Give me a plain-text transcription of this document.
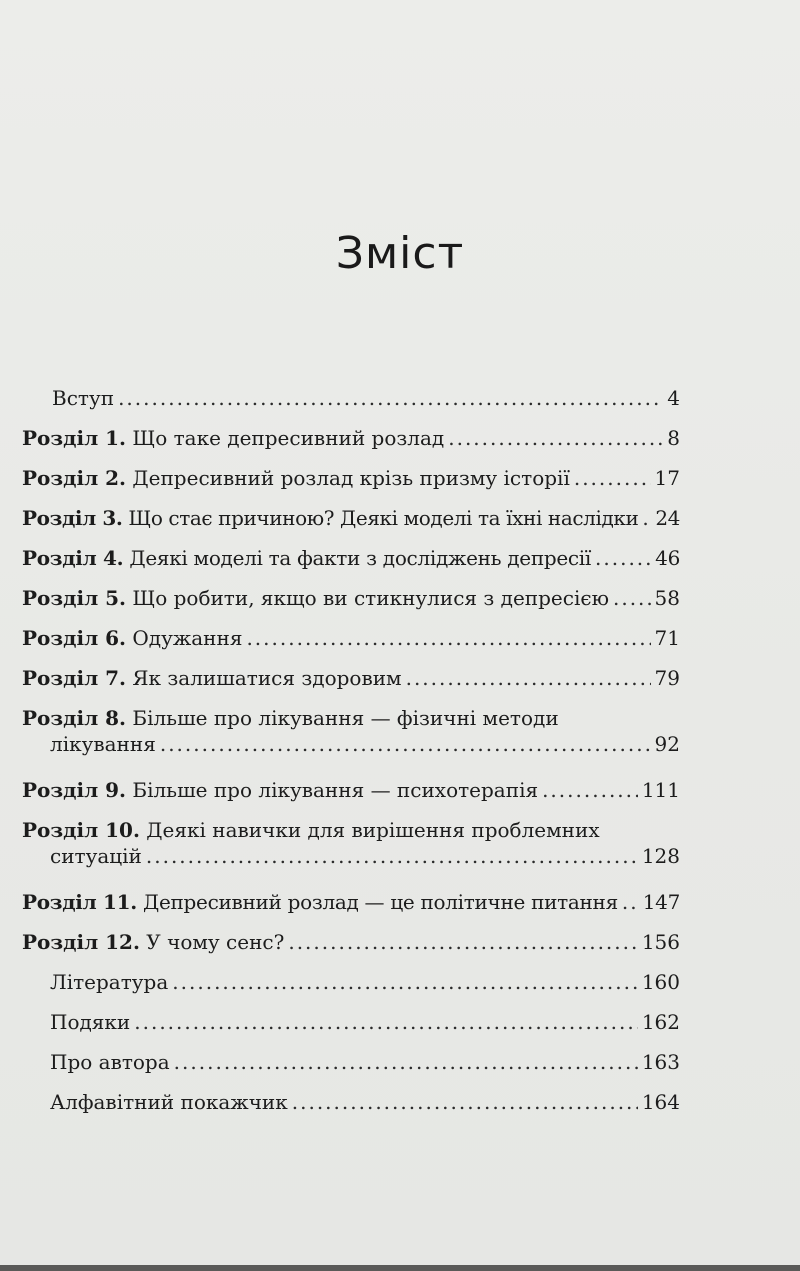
Зміст
Вступ .....	4
Розділ 1. Що таке депресивний розлад .....	8
Розділ 2. Депресивний розлад крізь призму історії .....	17
Розділ 3. Що стає причиною? Деякі моделі та їхні наслідки ..... 24
Розділ 4. Деякі моделі та факти з досліджень депресії .....	46
Розділ 5. Що робити, якщо ви стикнулися з депресією ..... 58
Розділ 6. Одужання .....	71
Розділ 7. Як залишатися здоровим .....	79
Розділ 8. Більше про лікування — фізичні методи
лікування .....	92
Розділ 9. Більше про лікування — психотерапія .....	111
Розділ 10. Деякі навички для вирішення проблемних
ситуацій .....	128
Розділ 11. Депресивний розлад — це політичне питання ..... 147
Розділ 12. У чому сенс? .....	156
Література .....	160
Подяки .....	162
Про автора .....	163
Алфавітний покажчик .....	164
